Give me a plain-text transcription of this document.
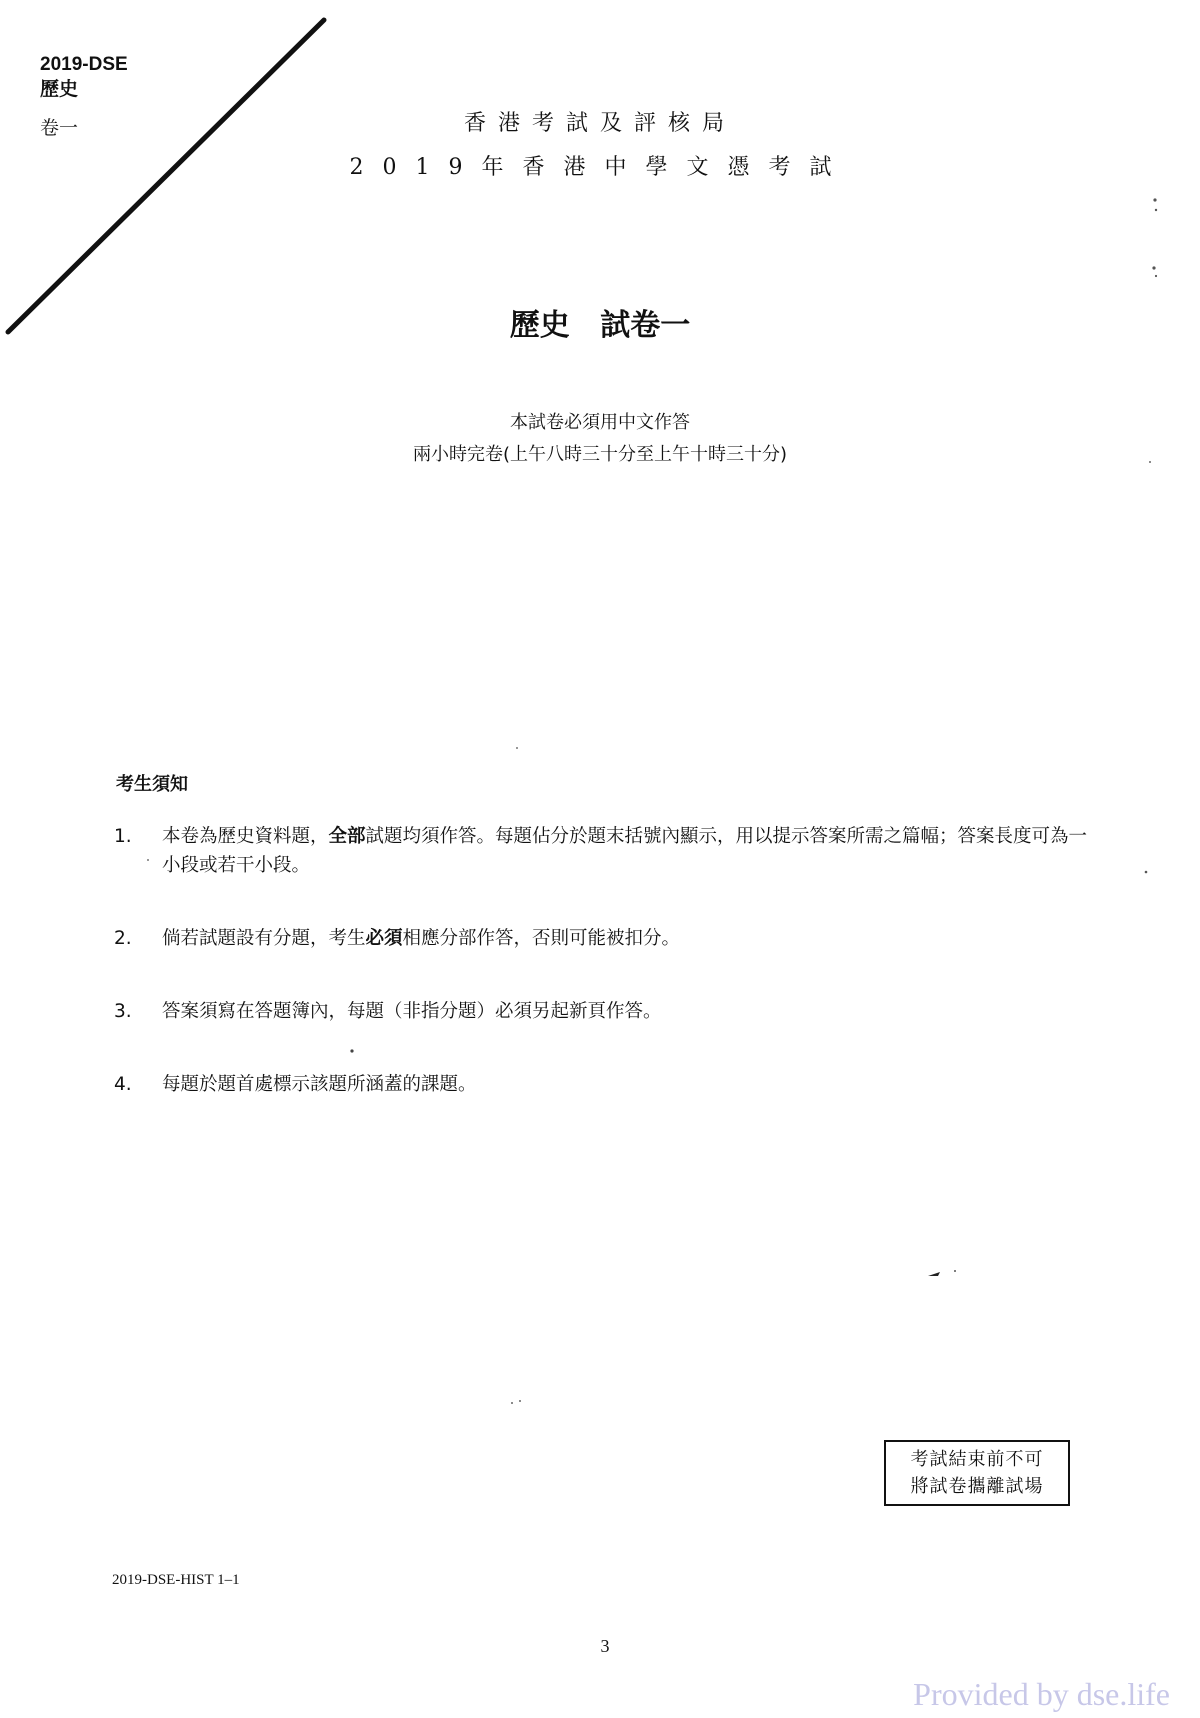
2019-DSE
歷史
卷一	香港考試及評核局
2019年香港中學文憑考試
歷史 試卷一
本試卷必須用中文作答
兩小時完卷(上午八時三十分至上午十時三十分)
考生須知
1. 本卷為歷史資料題，全部試題均須作答。每題佔分於題末括號內顯示，用以提示答案所需之篇幅；答案長度可為一小段或若干小段。
2. 倘若試題設有分題，考生必須相應分部作答，否則可能被扣分。
3. 答案須寫在答題簿內，每題（非指分題）必須另起新頁作答。
4. 每題於題首處標示該題所涵蓋的課題。
考試結束前不可
將試卷攜離試場
2019-DSE-HIST 1–1
3
Provided by dse.life
